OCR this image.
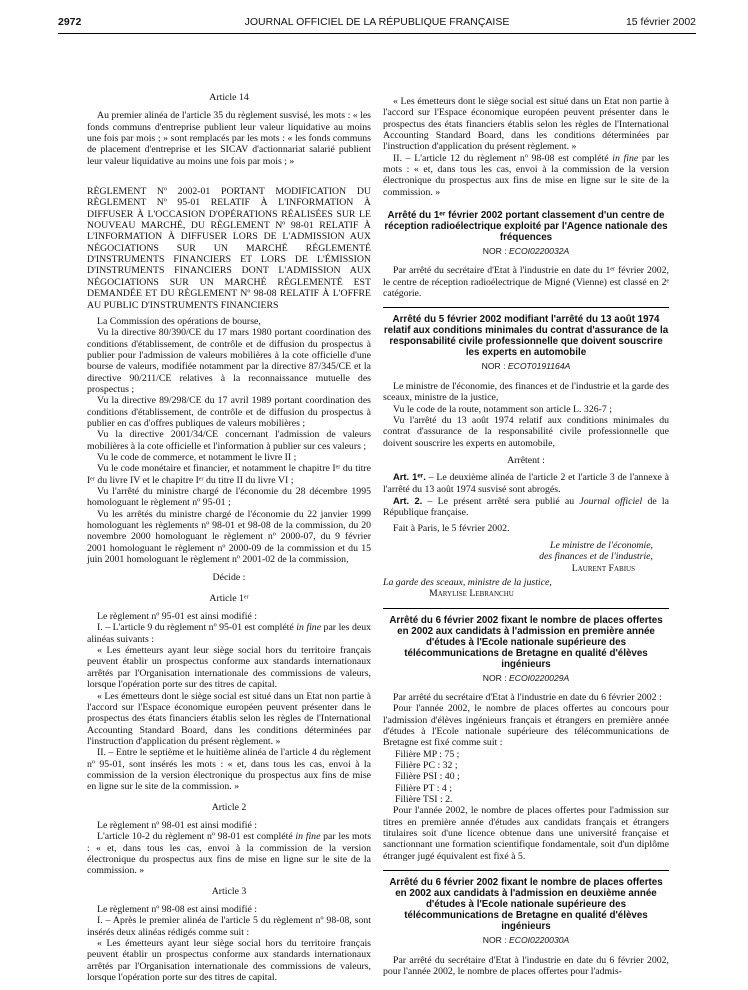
2972	JOURNAL OFFICIEL DE LA RÉPUBLIQUE FRANÇAISE	15 février 2002

Article 14

Au premier alinéa de l'article 35 du règlement susvisé, les mots : « les fonds communs d'entreprise publient leur valeur liquidative au moins une fois par mois ; » sont remplacés par les mots : « les fonds communs de placement d'entreprise et les SICAV d'actionnariat salarié publient leur valeur liquidative au moins une fois par mois ; »

RÈGLEMENT Nº 2002-01 PORTANT MODIFICATION DU RÈGLEMENT Nº 95-01 RELATIF À L'INFORMATION À DIFFUSER À L'OCCASION D'OPÉRATIONS RÉALISÉES SUR LE NOUVEAU MARCHÉ, DU RÈGLEMENT Nº 98-01 RELATIF À L'INFORMATION À DIFFUSER LORS DE L'ADMISSION AUX NÉGOCIATIONS SUR UN MARCHÉ RÉGLEMENTÉ D'INSTRUMENTS FINANCIERS ET LORS DE L'ÉMISSION D'INSTRUMENTS FINANCIERS DONT L'ADMISSION AUX NÉGOCIATIONS SUR UN MARCHÉ RÉGLEMENTÉ EST DEMANDÉE ET DU RÈGLEMENT Nº 98-08 RELATIF À L'OFFRE AU PUBLIC D'INSTRUMENTS FINANCIERS

La Commission des opérations de bourse,

Vu la directive 80/390/CE du 17 mars 1980 portant coordination des conditions d'établissement, de contrôle et de diffusion du prospectus à publier pour l'admission de valeurs mobilières à la cote officielle d'une bourse de valeurs, modifiée notamment par la directive 87/345/CE et la directive 90/211/CE relatives à la reconnaissance mutuelle des prospectus ;

Vu la directive 89/298/CE du 17 avril 1989 portant coordination des conditions d'établissement, de contrôle et de diffusion du prospectus à publier en cas d'offres publiques de valeurs mobilières ;

Vu la directive 2001/34/CE concernant l'admission de valeurs mobilières à la cote officielle et l'information à publier sur ces valeurs ;

Vu le code de commerce, et notamment le livre II ;

Vu le code monétaire et financier, et notamment le chapitre Iᵉʳ du titre Iᵉʳ du livre IV et le chapitre Iᵉʳ du titre II du livre VI ;

Vu l'arrêté du ministre chargé de l'économie du 28 décembre 1995 homologuant le règlement nº 95-01 ;

Vu les arrêtés du ministre chargé de l'économie du 22 janvier 1999 homologuant les règlements nº 98-01 et 98-08 de la commission, du 20 novembre 2000 homologuant le règlement nº 2000-07, du 9 février 2001 homologuant le règlement nº 2000-09 de la commission et du 15 juin 2001 homologuant le règlement nº 2001-02 de la commission,

Décide :

Article 1ᵉʳ

Le règlement nº 95-01 est ainsi modifié :

I. – L'article 9 du règlement nº 95-01 est complété in fine par les deux alinéas suivants :

« Les émetteurs ayant leur siège social hors du territoire français peuvent établir un prospectus conforme aux standards internationaux arrêtés par l'Organisation internationale des commissions de valeurs, lorsque l'opération porte sur des titres de capital.

« Les émetteurs dont le siège social est situé dans un Etat non partie à l'accord sur l'Espace économique européen peuvent présenter dans le prospectus des états financiers établis selon les règles de l'International Accounting Standard Board, dans les conditions déterminées par l'instruction d'application du présent règlement. »

II. – Entre le septième et le huitième alinéa de l'article 4 du règlement nº 95-01, sont insérés les mots : « et, dans tous les cas, envoi à la commission de la version électronique du prospectus aux fins de mise en ligne sur le site de la commission. »

Article 2

Le règlement nº 98-01 est ainsi modifié :

L'article 10-2 du règlement nº 98-01 est complété in fine par les mots : « et, dans tous les cas, envoi à la commission de la version électronique du prospectus aux fins de mise en ligne sur le site de la commission. »

Article 3

Le règlement nº 98-08 est ainsi modifié :

I. – Après le premier alinéa de l'article 5 du règlement nº 98-08, sont insérés deux alinéas rédigés comme suit :

« Les émetteurs ayant leur siège social hors du territoire français peuvent établir un prospectus conforme aux standards internationaux arrêtés par l'Organisation internationale des commissions de valeurs, lorsque l'opération porte sur des titres de capital.

« Les émetteurs dont le siège social est situé dans un Etat non partie à l'accord sur l'Espace économique européen peuvent présenter dans le prospectus des états financiers établis selon les règles de l'International Accounting Standard Board, dans les conditions déterminées par l'instruction d'application du présent règlement. »

II. – L'article 12 du règlement nº 98-08 est complété in fine par les mots : « et, dans tous les cas, envoi à la commission de la version électronique du prospectus aux fins de mise en ligne sur le site de la commission. »

Arrêté du 1ᵉʳ février 2002 portant classement d'un centre de réception radioélectrique exploité par l'Agence nationale des fréquences

NOR : ECOI0220032A

Par arrêté du secrétaire d'Etat à l'industrie en date du 1ᵉʳ février 2002, le centre de réception radioélectrique de Migné (Vienne) est classé en 2ᵉ catégorie.

Arrêté du 5 février 2002 modifiant l'arrêté du 13 août 1974 relatif aux conditions minimales du contrat d'assurance de la responsabilité civile professionnelle que doivent souscrire les experts en automobile

NOR : ECOT0191164A

Le ministre de l'économie, des finances et de l'industrie et la garde des sceaux, ministre de la justice,

Vu le code de la route, notamment son article L. 326-7 ;

Vu l'arrêté du 13 août 1974 relatif aux conditions minimales du contrat d'assurance de la responsabilité civile professionnelle que doivent souscrire les experts en automobile,

Arrêtent :

Art. 1ᵉʳ. – Le deuxième alinéa de l'article 2 et l'article 3 de l'annexe à l'arrêté du 13 août 1974 susvisé sont abrogés.

Art. 2. – Le présent arrêté sera publié au Journal officiel de la République française.

Fait à Paris, le 5 février 2002.

Le ministre de l'économie,

des finances et de l'industrie,

Laurent Fabius

La garde des sceaux, ministre de la justice,

Marylise Lebranchu

Arrêté du 6 février 2002 fixant le nombre de places offertes en 2002 aux candidats à l'admission en première année d'études à l'Ecole nationale supérieure des télécommunications de Bretagne en qualité d'élèves ingénieurs

NOR : ECOI0220029A

Par arrêté du secrétaire d'Etat à l'industrie en date du 6 février 2002 :

Pour l'année 2002, le nombre de places offertes au concours pour l'admission d'élèves ingénieurs français et étrangers en première année d'études à l'Ecole nationale supérieure des télécommunications de Bretagne est fixé comme suit :

Filière MP : 75 ;

Filière PC : 32 ;

Filière PSI : 40 ;

Filière PT : 4 ;

Filière TSI : 2.

Pour l'année 2002, le nombre de places offertes pour l'admission sur titres en première année d'études aux candidats français et étrangers titulaires soit d'une licence obtenue dans une université française et sanctionnant une formation scientifique fondamentale, soit d'un diplôme étranger jugé équivalent est fixé à 5.

Arrêté du 6 février 2002 fixant le nombre de places offertes en 2002 aux candidats à l'admission en deuxième année d'études à l'Ecole nationale supérieure des télécommunications de Bretagne en qualité d'élèves ingénieurs

NOR : ECOI0220030A

Par arrêté du secrétaire d'Etat à l'industrie en date du 6 février 2002, pour l'année 2002, le nombre de places offertes pour l'admis-
